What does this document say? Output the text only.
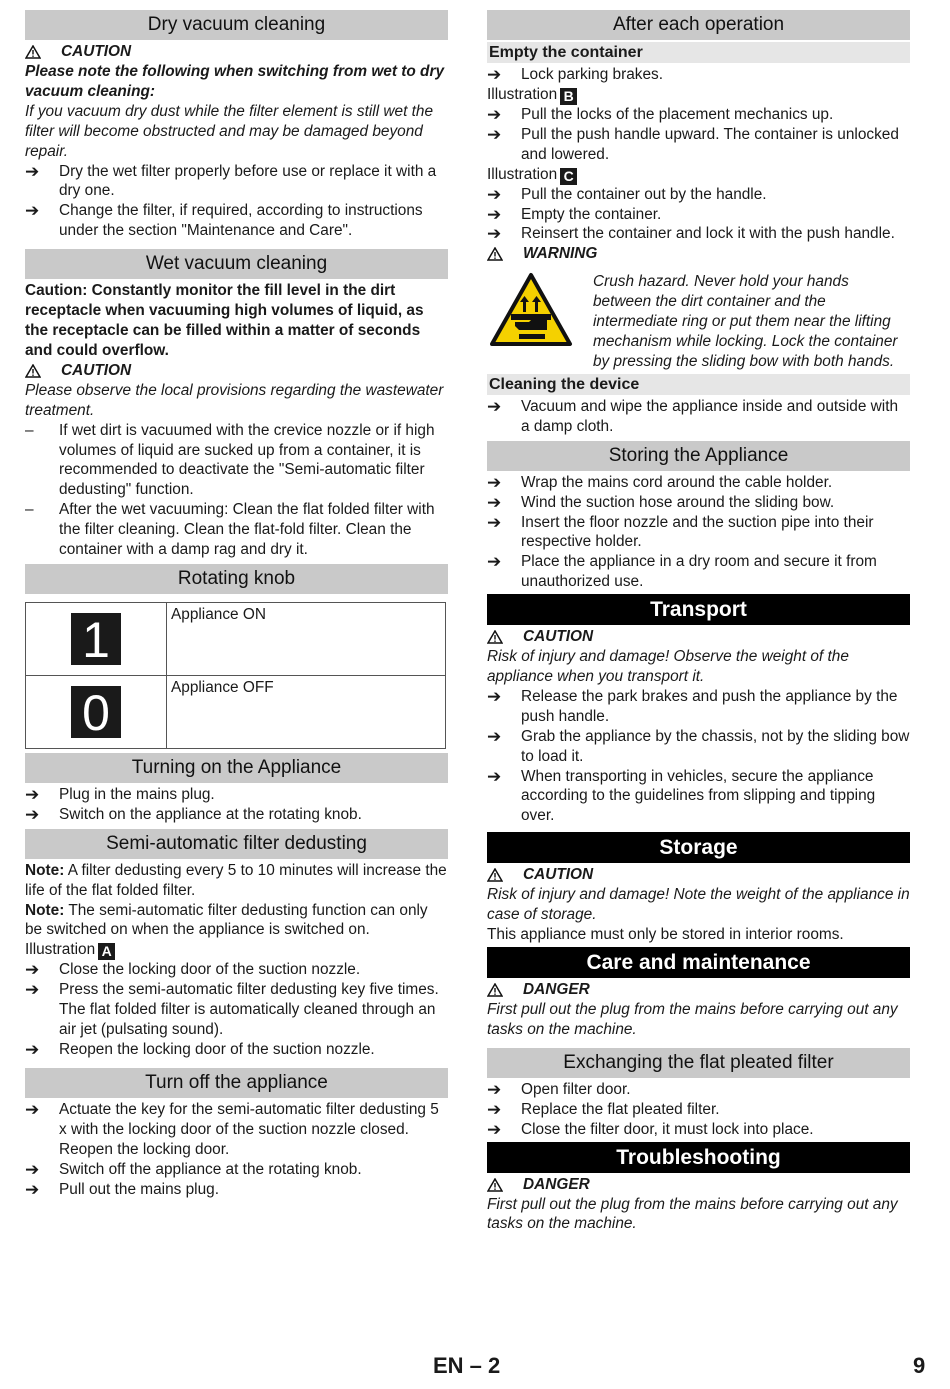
Dry vacuum cleaning
CAUTION

Please note the following when switching from wet to dry vacuum cleaning:

If you vacuum dry dust while the filter element is still wet the filter will become obstructed and may be damaged beyond repair.

➔	Dry the wet filter properly before use or replace it with a dry one.
➔	Change the filter, if required, according to instructions under the section "Maintenance and Care".
Wet vacuum cleaning

Caution: Constantly monitor the fill level in the dirt receptacle when vacuuming high volumes of liquid, as the receptacle can be filled within a matter of seconds and could overflow.

CAUTION

Please observe the local provisions regarding the wastewater treatment.

–	If wet dirt is vacuumed with the crevice nozzle or if high volumes of liquid are sucked up from a container, it is recommended to deactivate the "Semi-automatic filter dedusting" function.
–	After the wet vacuuming: Clean the flat folded filter with the filter cleaning. Clean the flat-fold filter. Clean the container with a damp rag and dry it.
Rotating knob
1	Appliance ON
0	Appliance OFF
Turning on the Appliance
➔	Plug in the mains plug.
➔	Switch on the appliance at the rotating knob.
Semi-automatic filter dedusting

Note: A filter dedusting every 5 to 10 minutes will increase the life of the flat folded filter.

Note: The semi-automatic filter dedusting function can only be switched on when the appliance is switched on.

Illustration A

➔	Close the locking door of the suction nozzle.
➔	Press the semi-automatic filter dedusting key five times. The flat folded filter is automatically cleaned through an air jet (pulsating sound).
➔	Reopen the locking door of the suction nozzle.
Turn off the appliance
➔	Actuate the key for the semi-automatic filter dedusting 5 x with the locking door of the suction nozzle closed. Reopen the locking door.
➔	Switch off the appliance at the rotating knob.
➔	Pull out the mains plug.
After each operation
Empty the container
➔	Lock parking brakes.

Illustration B

➔	Pull the locks of the placement mechanics up.
➔	Pull the push handle upward. The container is unlocked and lowered.

Illustration C

➔	Pull the container out by the handle.
➔	Empty the container.
➔	Reinsert the container and lock it with the push handle.
WARNING

Crush hazard. Never hold your hands between the dirt container and the intermediate ring or put them near the lifting mechanism while locking. Lock the container by pressing the sliding bow with both hands.

Cleaning the device
➔	Vacuum and wipe the appliance inside and outside with a damp cloth.
Storing the Appliance
➔	Wrap the mains cord around the cable holder.
➔	Wind the suction hose around the sliding bow.
➔	Insert the floor nozzle and the suction pipe into their respective holder.
➔	Place the appliance in a dry room and secure it from unauthorized use.
Transport
CAUTION

Risk of injury and damage! Observe the weight of the appliance when you transport it.

➔	Release the park brakes and push the appliance by the push handle.
➔	Grab the appliance by the chassis, not by the sliding bow to load it.
➔	When transporting in vehicles, secure the appliance according to the guidelines from slipping and tipping over.
Storage
CAUTION

Risk of injury and damage! Note the weight of the appliance in case of storage.

This appliance must only be stored in interior rooms.

Care and maintenance
DANGER

First pull out the plug from the mains before carrying out any tasks on the machine.

Exchanging the flat pleated filter
➔	Open filter door.
➔	Replace the flat pleated filter.
➔	Close the filter door, it must lock into place.
Troubleshooting
DANGER

First pull out the plug from the mains before carrying out any tasks on the machine.

EN – 2	9
